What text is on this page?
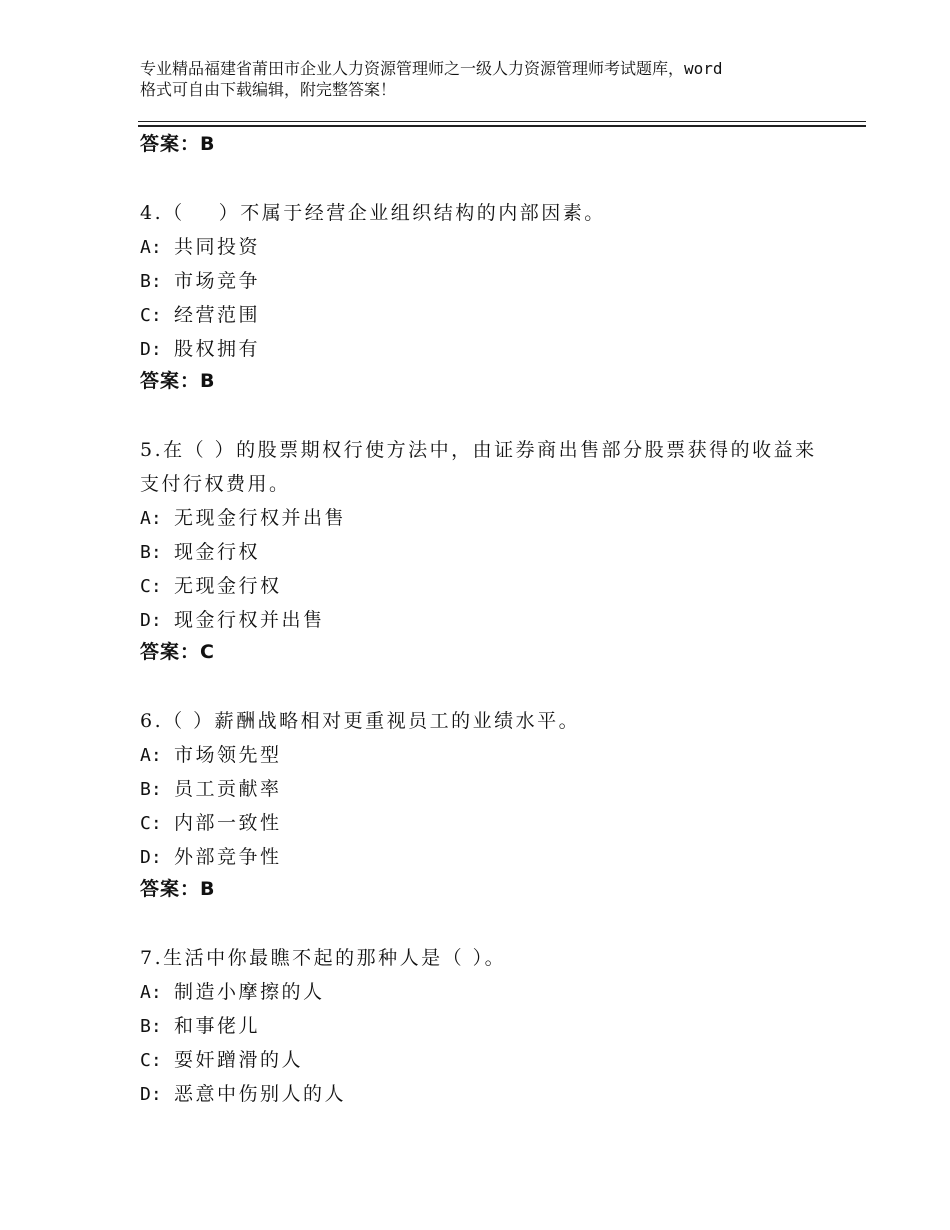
专业精品福建省莆田市企业人力资源管理师之一级人力资源管理师考试题库，word
格式可自由下载编辑，附完整答案！
答案：B
4.（    ）不属于经营企业组织结构的内部因素。
A: 共同投资
B: 市场竞争
C: 经营范围
D: 股权拥有
答案：B
5.在（ ）的股票期权行使方法中，由证券商出售部分股票获得的收益来支付行权费用。
A: 无现金行权并出售
B: 现金行权
C: 无现金行权
D: 现金行权并出售
答案：C
6.（ ）薪酬战略相对更重视员工的业绩水平。
A: 市场领先型
B: 员工贡献率
C: 内部一致性
D: 外部竞争性
答案：B
7.生活中你最瞧不起的那种人是（ ）。
A: 制造小摩擦的人
B: 和事佬儿
C: 耍奸蹭滑的人
D: 恶意中伤别人的人
